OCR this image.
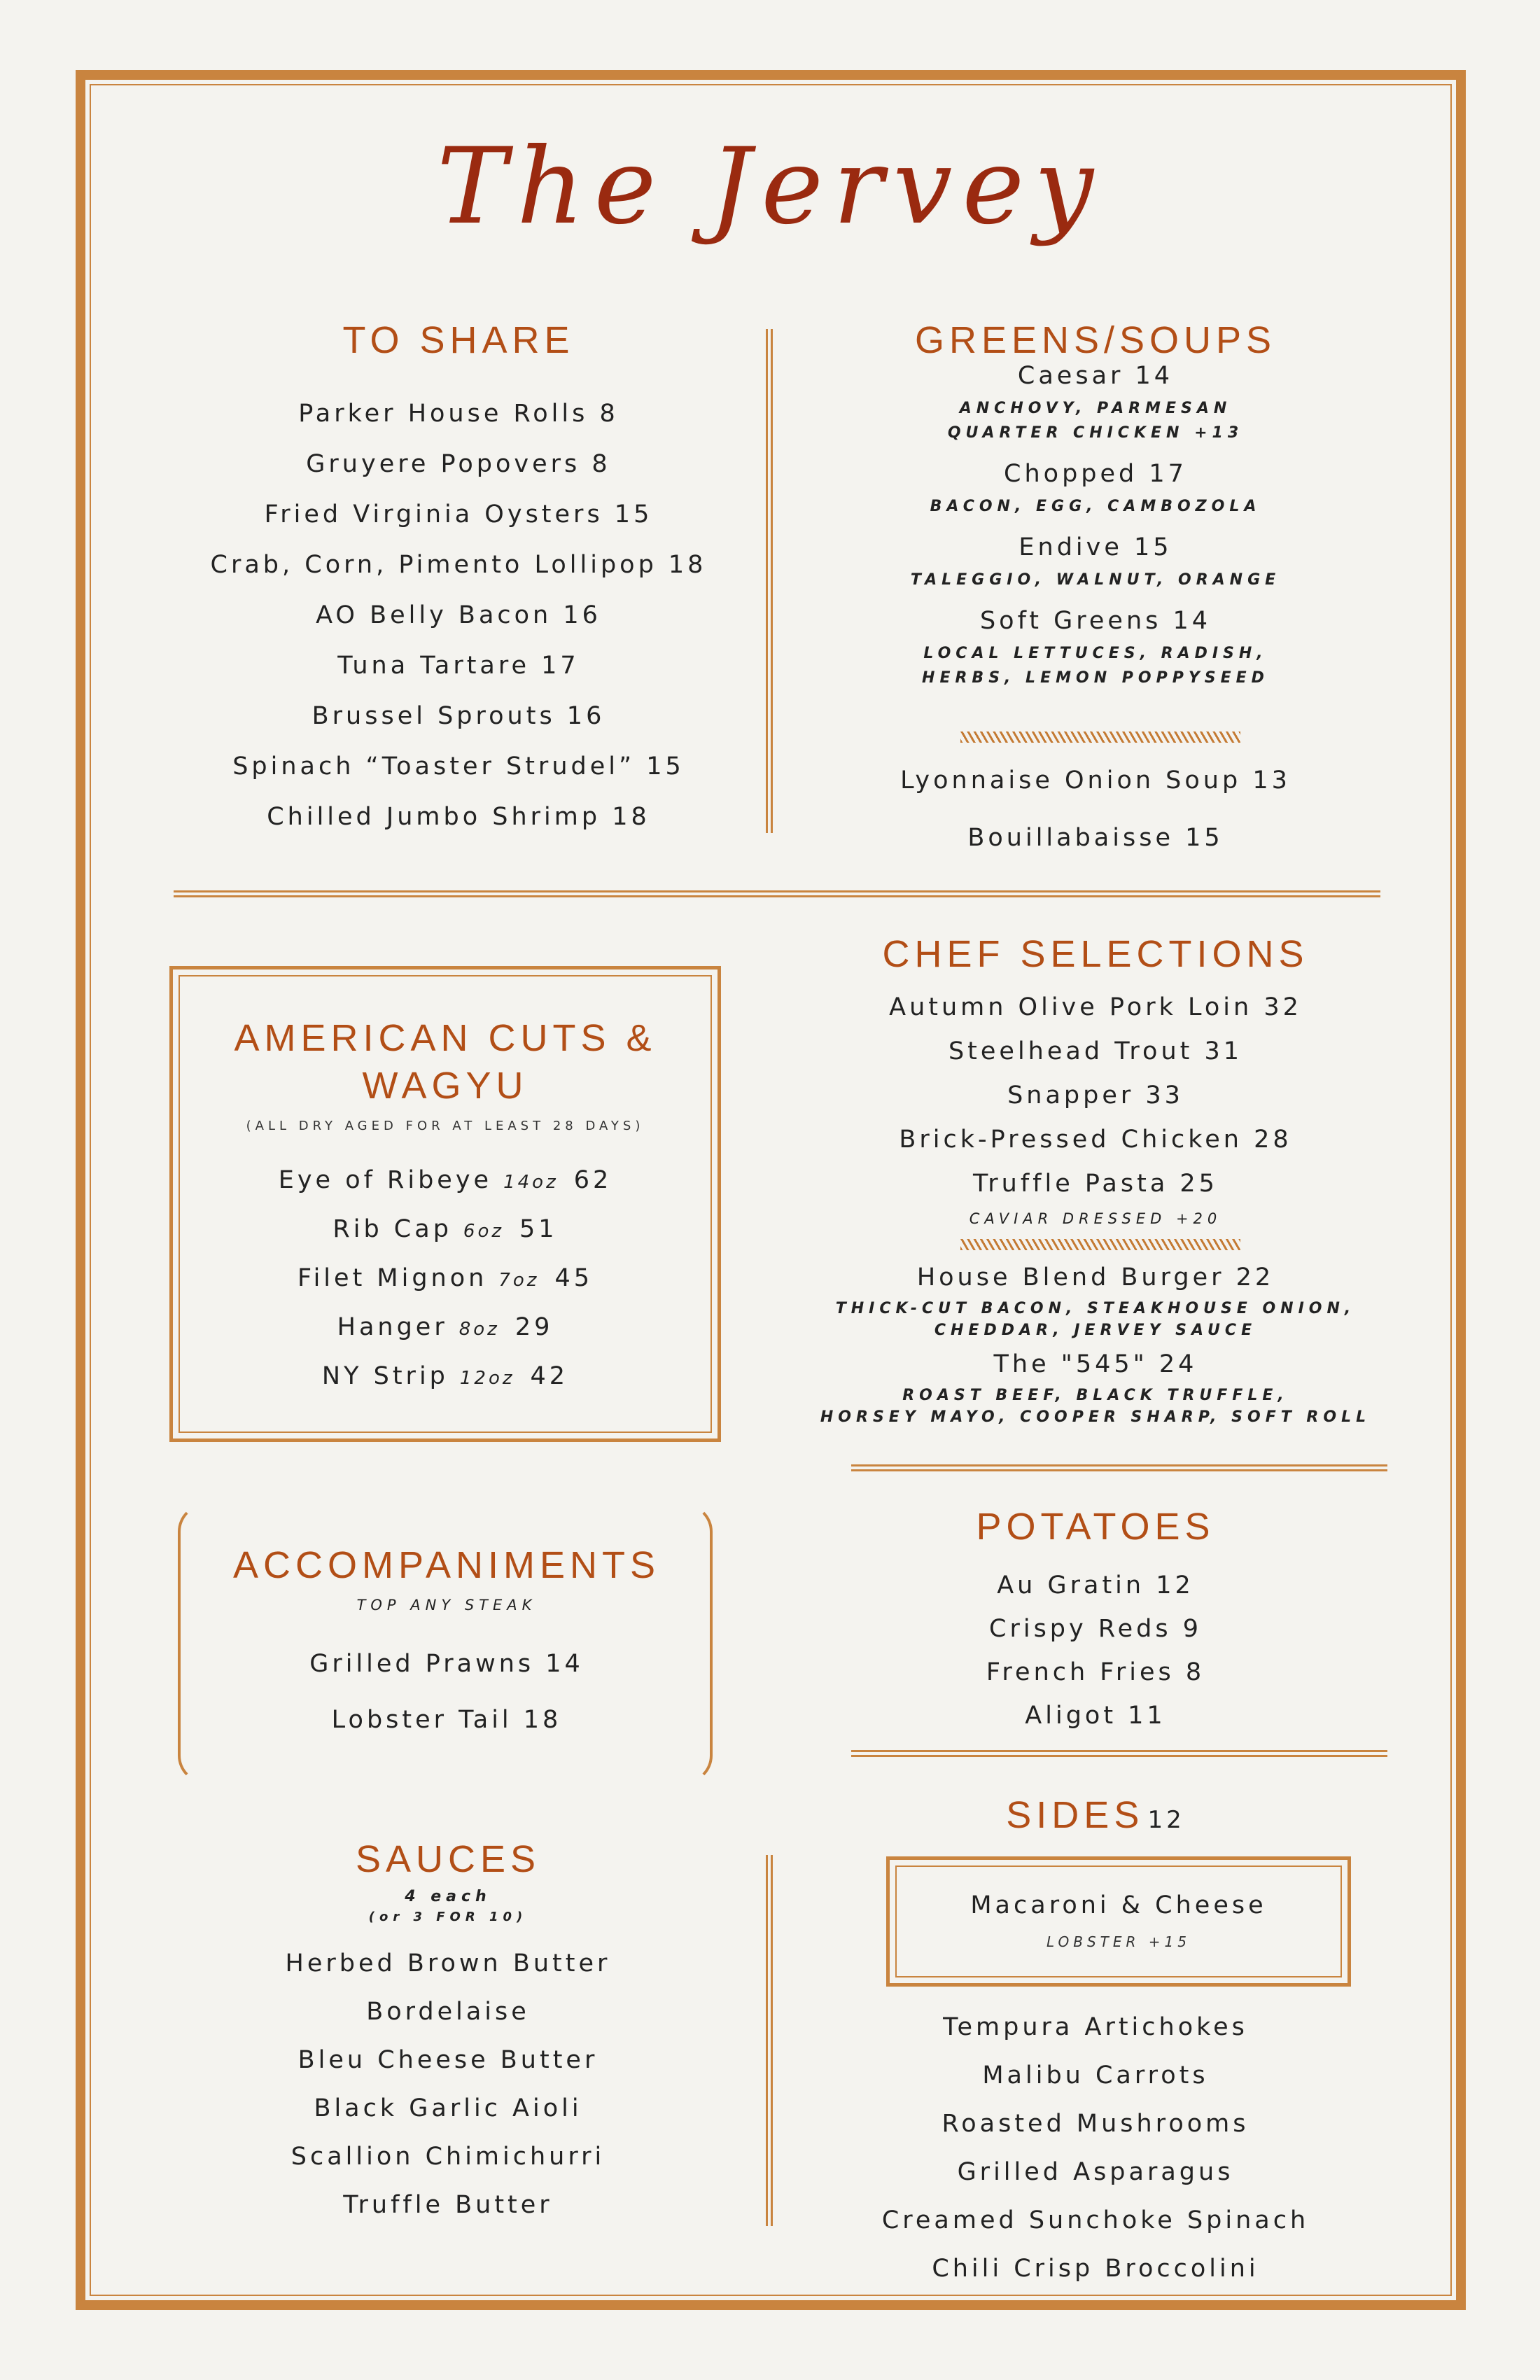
The Jervey
TO SHARE
Parker House Rolls 8
Gruyere Popovers 8
Fried Virginia Oysters 15
Crab, Corn, Pimento Lollipop 18
AO Belly Bacon 16
Tuna Tartare 17
Brussel Sprouts 16
Spinach “Toaster Strudel” 15
Chilled Jumbo Shrimp 18
GREENS/SOUPS
Caesar 14
ANCHOVY, PARMESAN
QUARTER CHICKEN +13
Chopped 17
BACON, EGG, CAMBOZOLA
Endive 15
TALEGGIO, WALNUT, ORANGE
Soft Greens 14
LOCAL LETTUCES, RADISH,
HERBS, LEMON POPPYSEED
Lyonnaise Onion Soup 13
Bouillabaisse 15
AMERICAN CUTS &
WAGYU
(ALL DRY AGED FOR AT LEAST 28 DAYS)
Eye of Ribeye 14oz 62
Rib Cap 6oz 51
Filet Mignon 7oz 45
Hanger 8oz 29
NY Strip 12oz 42
CHEF SELECTIONS
Autumn Olive Pork Loin 32
Steelhead Trout 31
Snapper 33
Brick-Pressed Chicken 28
Truffle Pasta 25
CAVIAR DRESSED +20
House Blend Burger 22
THICK-CUT BACON, STEAKHOUSE ONION,
CHEDDAR, JERVEY SAUCE
The "545" 24
ROAST BEEF, BLACK TRUFFLE,
HORSEY MAYO, COOPER SHARP, SOFT ROLL
ACCOMPANIMENTS
TOP ANY STEAK
Grilled Prawns 14
Lobster Tail 18
POTATOES
Au Gratin 12
Crispy Reds 9
French Fries 8
Aligot 11
SAUCES
4 each
(or 3 FOR 10)
Herbed Brown Butter
Bordelaise
Bleu Cheese Butter
Black Garlic Aioli
Scallion Chimichurri
Truffle Butter
SIDES 12
Macaroni & Cheese
LOBSTER +15
Tempura Artichokes
Malibu Carrots
Roasted Mushrooms
Grilled Asparagus
Creamed Sunchoke Spinach
Chili Crisp Broccolini
